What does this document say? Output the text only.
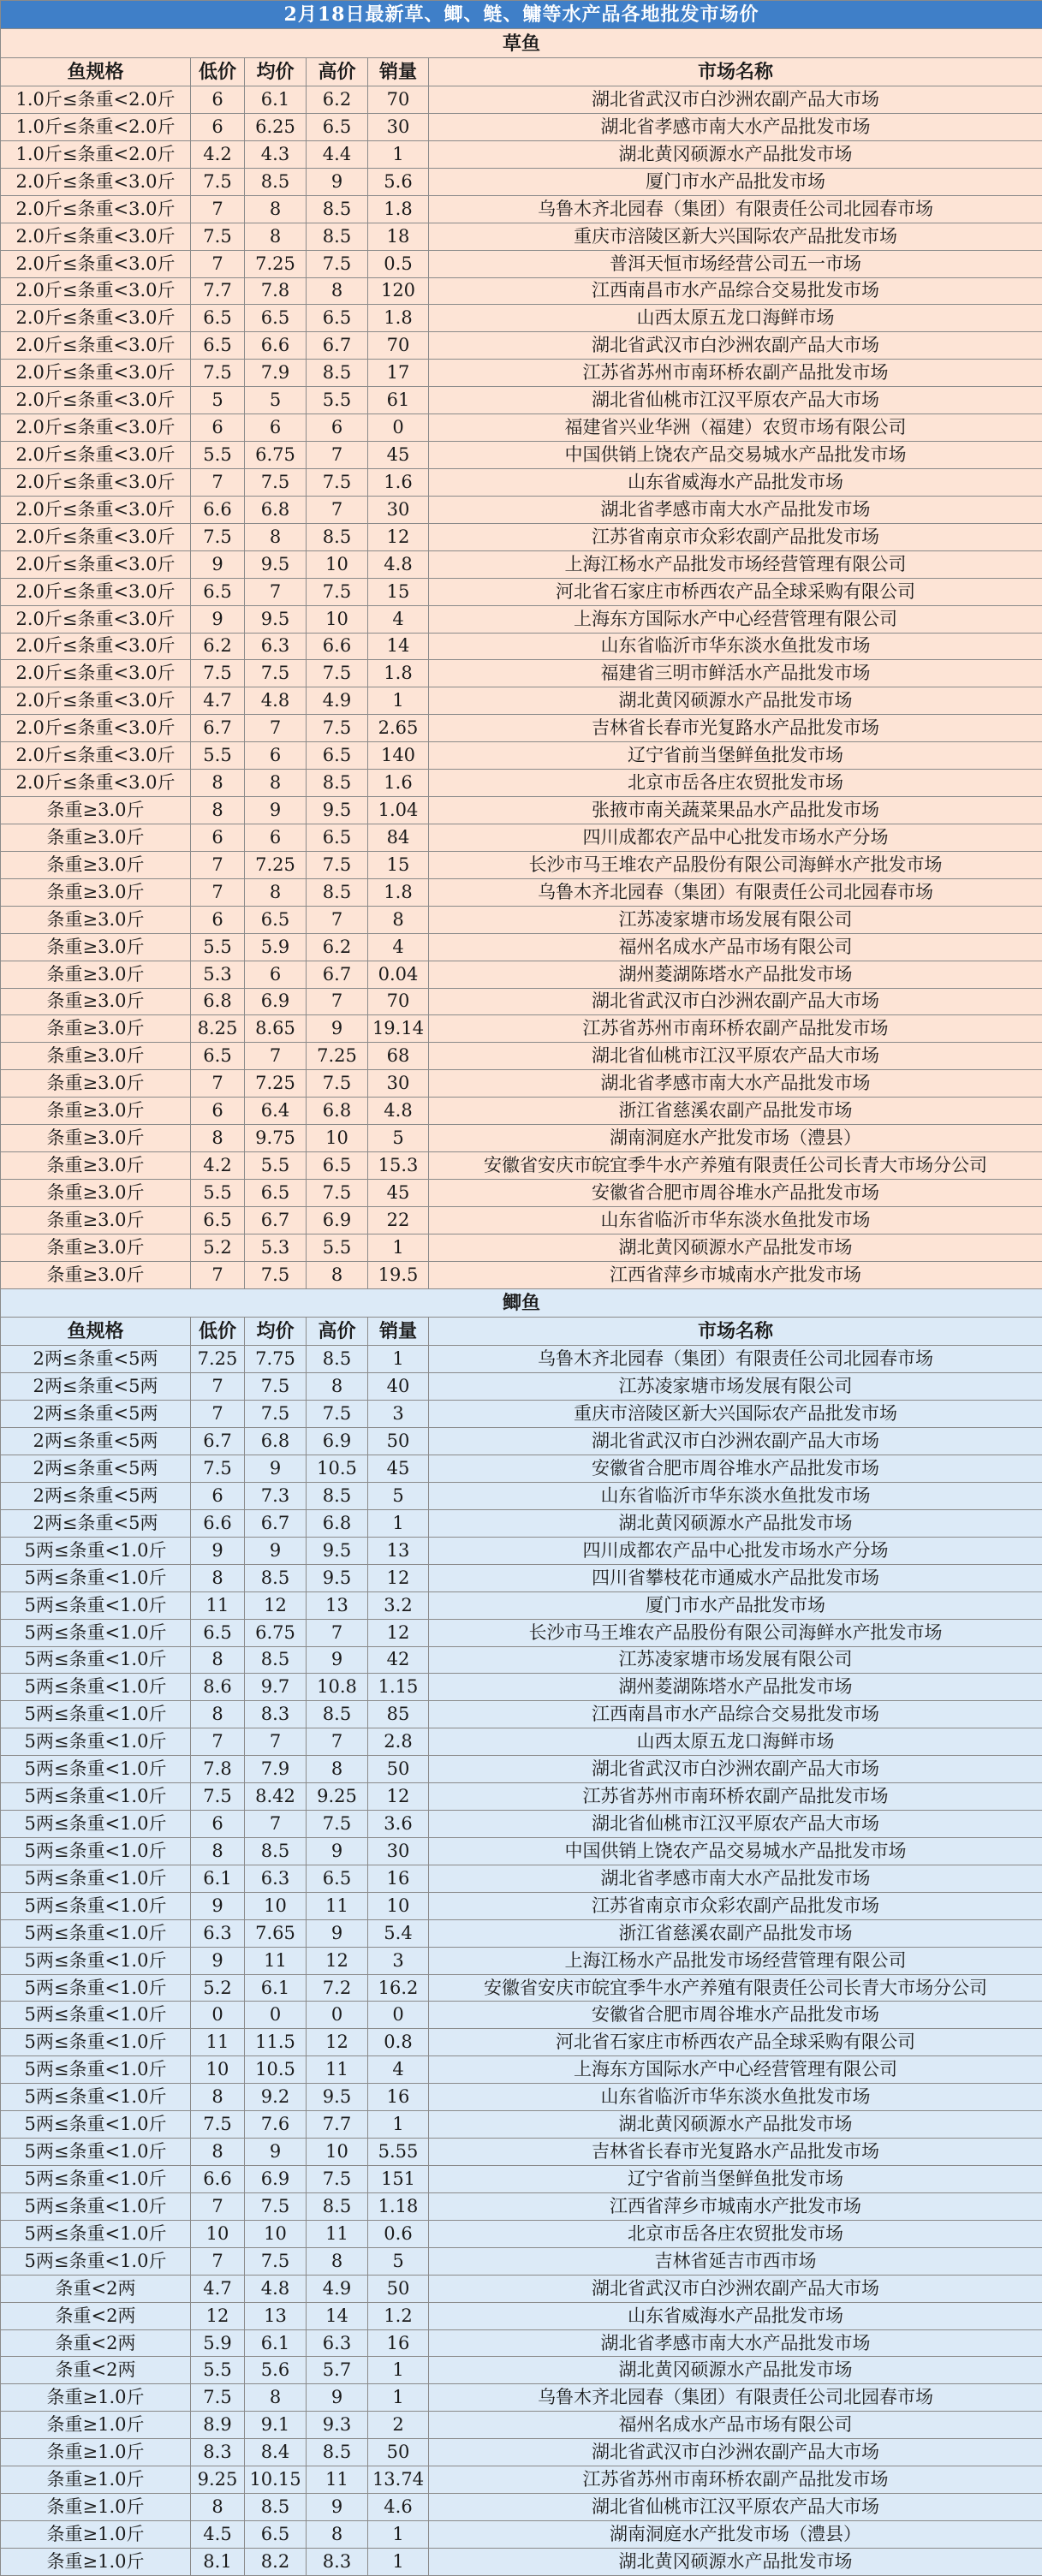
2月18日最新草、鲫、鲢、鳙等水产品各地批发市场价					
草鱼					
鱼规格	低价	均价	高价	销量	市场名称
1.0斤≤条重<2.0斤	6	6.1	6.2	70	湖北省武汉市白沙洲农副产品大市场
1.0斤≤条重<2.0斤	6	6.25	6.5	30	湖北省孝感市南大水产品批发市场
1.0斤≤条重<2.0斤	4.2	4.3	4.4	1	湖北黄冈硕源水产品批发市场
2.0斤≤条重<3.0斤	7.5	8.5	9	5.6	厦门市水产品批发市场
2.0斤≤条重<3.0斤	7	8	8.5	1.8	乌鲁木齐北园春（集团）有限责任公司北园春市场
2.0斤≤条重<3.0斤	7.5	8	8.5	18	重庆市涪陵区新大兴国际农产品批发市场
2.0斤≤条重<3.0斤	7	7.25	7.5	0.5	普洱天恒市场经营公司五一市场
2.0斤≤条重<3.0斤	7.7	7.8	8	120	江西南昌市水产品综合交易批发市场
2.0斤≤条重<3.0斤	6.5	6.5	6.5	1.8	山西太原五龙口海鲜市场
2.0斤≤条重<3.0斤	6.5	6.6	6.7	70	湖北省武汉市白沙洲农副产品大市场
2.0斤≤条重<3.0斤	7.5	7.9	8.5	17	江苏省苏州市南环桥农副产品批发市场
2.0斤≤条重<3.0斤	5	5	5.5	61	湖北省仙桃市江汉平原农产品大市场
2.0斤≤条重<3.0斤	6	6	6	0	福建省兴业华洲（福建）农贸市场有限公司
2.0斤≤条重<3.0斤	5.5	6.75	7	45	中国供销上饶农产品交易城水产品批发市场
2.0斤≤条重<3.0斤	7	7.5	7.5	1.6	山东省威海水产品批发市场
2.0斤≤条重<3.0斤	6.6	6.8	7	30	湖北省孝感市南大水产品批发市场
2.0斤≤条重<3.0斤	7.5	8	8.5	12	江苏省南京市众彩农副产品批发市场
2.0斤≤条重<3.0斤	9	9.5	10	4.8	上海江杨水产品批发市场经营管理有限公司
2.0斤≤条重<3.0斤	6.5	7	7.5	15	河北省石家庄市桥西农产品全球采购有限公司
2.0斤≤条重<3.0斤	9	9.5	10	4	上海东方国际水产中心经营管理有限公司
2.0斤≤条重<3.0斤	6.2	6.3	6.6	14	山东省临沂市华东淡水鱼批发市场
2.0斤≤条重<3.0斤	7.5	7.5	7.5	1.8	福建省三明市鲜活水产品批发市场
2.0斤≤条重<3.0斤	4.7	4.8	4.9	1	湖北黄冈硕源水产品批发市场
2.0斤≤条重<3.0斤	6.7	7	7.5	2.65	吉林省长春市光复路水产品批发市场
2.0斤≤条重<3.0斤	5.5	6	6.5	140	辽宁省前当堡鲜鱼批发市场
2.0斤≤条重<3.0斤	8	8	8.5	1.6	北京市岳各庄农贸批发市场
条重≥3.0斤	8	9	9.5	1.04	张掖市南关蔬菜果品水产品批发市场
条重≥3.0斤	6	6	6.5	84	四川成都农产品中心批发市场水产分场
条重≥3.0斤	7	7.25	7.5	15	长沙市马王堆农产品股份有限公司海鲜水产批发市场
条重≥3.0斤	7	8	8.5	1.8	乌鲁木齐北园春（集团）有限责任公司北园春市场
条重≥3.0斤	6	6.5	7	8	江苏凌家塘市场发展有限公司
条重≥3.0斤	5.5	5.9	6.2	4	福州名成水产品市场有限公司
条重≥3.0斤	5.3	6	6.7	0.04	湖州菱湖陈塔水产品批发市场
条重≥3.0斤	6.8	6.9	7	70	湖北省武汉市白沙洲农副产品大市场
条重≥3.0斤	8.25	8.65	9	19.14	江苏省苏州市南环桥农副产品批发市场
条重≥3.0斤	6.5	7	7.25	68	湖北省仙桃市江汉平原农产品大市场
条重≥3.0斤	7	7.25	7.5	30	湖北省孝感市南大水产品批发市场
条重≥3.0斤	6	6.4	6.8	4.8	浙江省慈溪农副产品批发市场
条重≥3.0斤	8	9.75	10	5	湖南洞庭水产批发市场（澧县）
条重≥3.0斤	4.2	5.5	6.5	15.3	安徽省安庆市皖宜季牛水产养殖有限责任公司长青大市场分公司
条重≥3.0斤	5.5	6.5	7.5	45	安徽省合肥市周谷堆水产品批发市场
条重≥3.0斤	6.5	6.7	6.9	22	山东省临沂市华东淡水鱼批发市场
条重≥3.0斤	5.2	5.3	5.5	1	湖北黄冈硕源水产品批发市场
条重≥3.0斤	7	7.5	8	19.5	江西省萍乡市城南水产批发市场
鲫鱼					
鱼规格	低价	均价	高价	销量	市场名称
2两≤条重<5两	7.25	7.75	8.5	1	乌鲁木齐北园春（集团）有限责任公司北园春市场
2两≤条重<5两	7	7.5	8	40	江苏凌家塘市场发展有限公司
2两≤条重<5两	7	7.5	7.5	3	重庆市涪陵区新大兴国际农产品批发市场
2两≤条重<5两	6.7	6.8	6.9	50	湖北省武汉市白沙洲农副产品大市场
2两≤条重<5两	7.5	9	10.5	45	安徽省合肥市周谷堆水产品批发市场
2两≤条重<5两	6	7.3	8.5	5	山东省临沂市华东淡水鱼批发市场
2两≤条重<5两	6.6	6.7	6.8	1	湖北黄冈硕源水产品批发市场
5两≤条重<1.0斤	9	9	9.5	13	四川成都农产品中心批发市场水产分场
5两≤条重<1.0斤	8	8.5	9.5	12	四川省攀枝花市通威水产品批发市场
5两≤条重<1.0斤	11	12	13	3.2	厦门市水产品批发市场
5两≤条重<1.0斤	6.5	6.75	7	12	长沙市马王堆农产品股份有限公司海鲜水产批发市场
5两≤条重<1.0斤	8	8.5	9	42	江苏凌家塘市场发展有限公司
5两≤条重<1.0斤	8.6	9.7	10.8	1.15	湖州菱湖陈塔水产品批发市场
5两≤条重<1.0斤	8	8.3	8.5	85	江西南昌市水产品综合交易批发市场
5两≤条重<1.0斤	7	7	7	2.8	山西太原五龙口海鲜市场
5两≤条重<1.0斤	7.8	7.9	8	50	湖北省武汉市白沙洲农副产品大市场
5两≤条重<1.0斤	7.5	8.42	9.25	12	江苏省苏州市南环桥农副产品批发市场
5两≤条重<1.0斤	6	7	7.5	3.6	湖北省仙桃市江汉平原农产品大市场
5两≤条重<1.0斤	8	8.5	9	30	中国供销上饶农产品交易城水产品批发市场
5两≤条重<1.0斤	6.1	6.3	6.5	16	湖北省孝感市南大水产品批发市场
5两≤条重<1.0斤	9	10	11	10	江苏省南京市众彩农副产品批发市场
5两≤条重<1.0斤	6.3	7.65	9	5.4	浙江省慈溪农副产品批发市场
5两≤条重<1.0斤	9	11	12	3	上海江杨水产品批发市场经营管理有限公司
5两≤条重<1.0斤	5.2	6.1	7.2	16.2	安徽省安庆市皖宜季牛水产养殖有限责任公司长青大市场分公司
5两≤条重<1.0斤	0	0	0	0	安徽省合肥市周谷堆水产品批发市场
5两≤条重<1.0斤	11	11.5	12	0.8	河北省石家庄市桥西农产品全球采购有限公司
5两≤条重<1.0斤	10	10.5	11	4	上海东方国际水产中心经营管理有限公司
5两≤条重<1.0斤	8	9.2	9.5	16	山东省临沂市华东淡水鱼批发市场
5两≤条重<1.0斤	7.5	7.6	7.7	1	湖北黄冈硕源水产品批发市场
5两≤条重<1.0斤	8	9	10	5.55	吉林省长春市光复路水产品批发市场
5两≤条重<1.0斤	6.6	6.9	7.5	151	辽宁省前当堡鲜鱼批发市场
5两≤条重<1.0斤	7	7.5	8.5	1.18	江西省萍乡市城南水产批发市场
5两≤条重<1.0斤	10	10	11	0.6	北京市岳各庄农贸批发市场
5两≤条重<1.0斤	7	7.5	8	5	吉林省延吉市西市场
条重<2两	4.7	4.8	4.9	50	湖北省武汉市白沙洲农副产品大市场
条重<2两	12	13	14	1.2	山东省威海水产品批发市场
条重<2两	5.9	6.1	6.3	16	湖北省孝感市南大水产品批发市场
条重<2两	5.5	5.6	5.7	1	湖北黄冈硕源水产品批发市场
条重≥1.0斤	7.5	8	9	1	乌鲁木齐北园春（集团）有限责任公司北园春市场
条重≥1.0斤	8.9	9.1	9.3	2	福州名成水产品市场有限公司
条重≥1.0斤	8.3	8.4	8.5	50	湖北省武汉市白沙洲农副产品大市场
条重≥1.0斤	9.25	10.15	11	13.74	江苏省苏州市南环桥农副产品批发市场
条重≥1.0斤	8	8.5	9	4.6	湖北省仙桃市江汉平原农产品大市场
条重≥1.0斤	4.5	6.5	8	1	湖南洞庭水产批发市场（澧县）
条重≥1.0斤	8.1	8.2	8.3	1	湖北黄冈硕源水产品批发市场
